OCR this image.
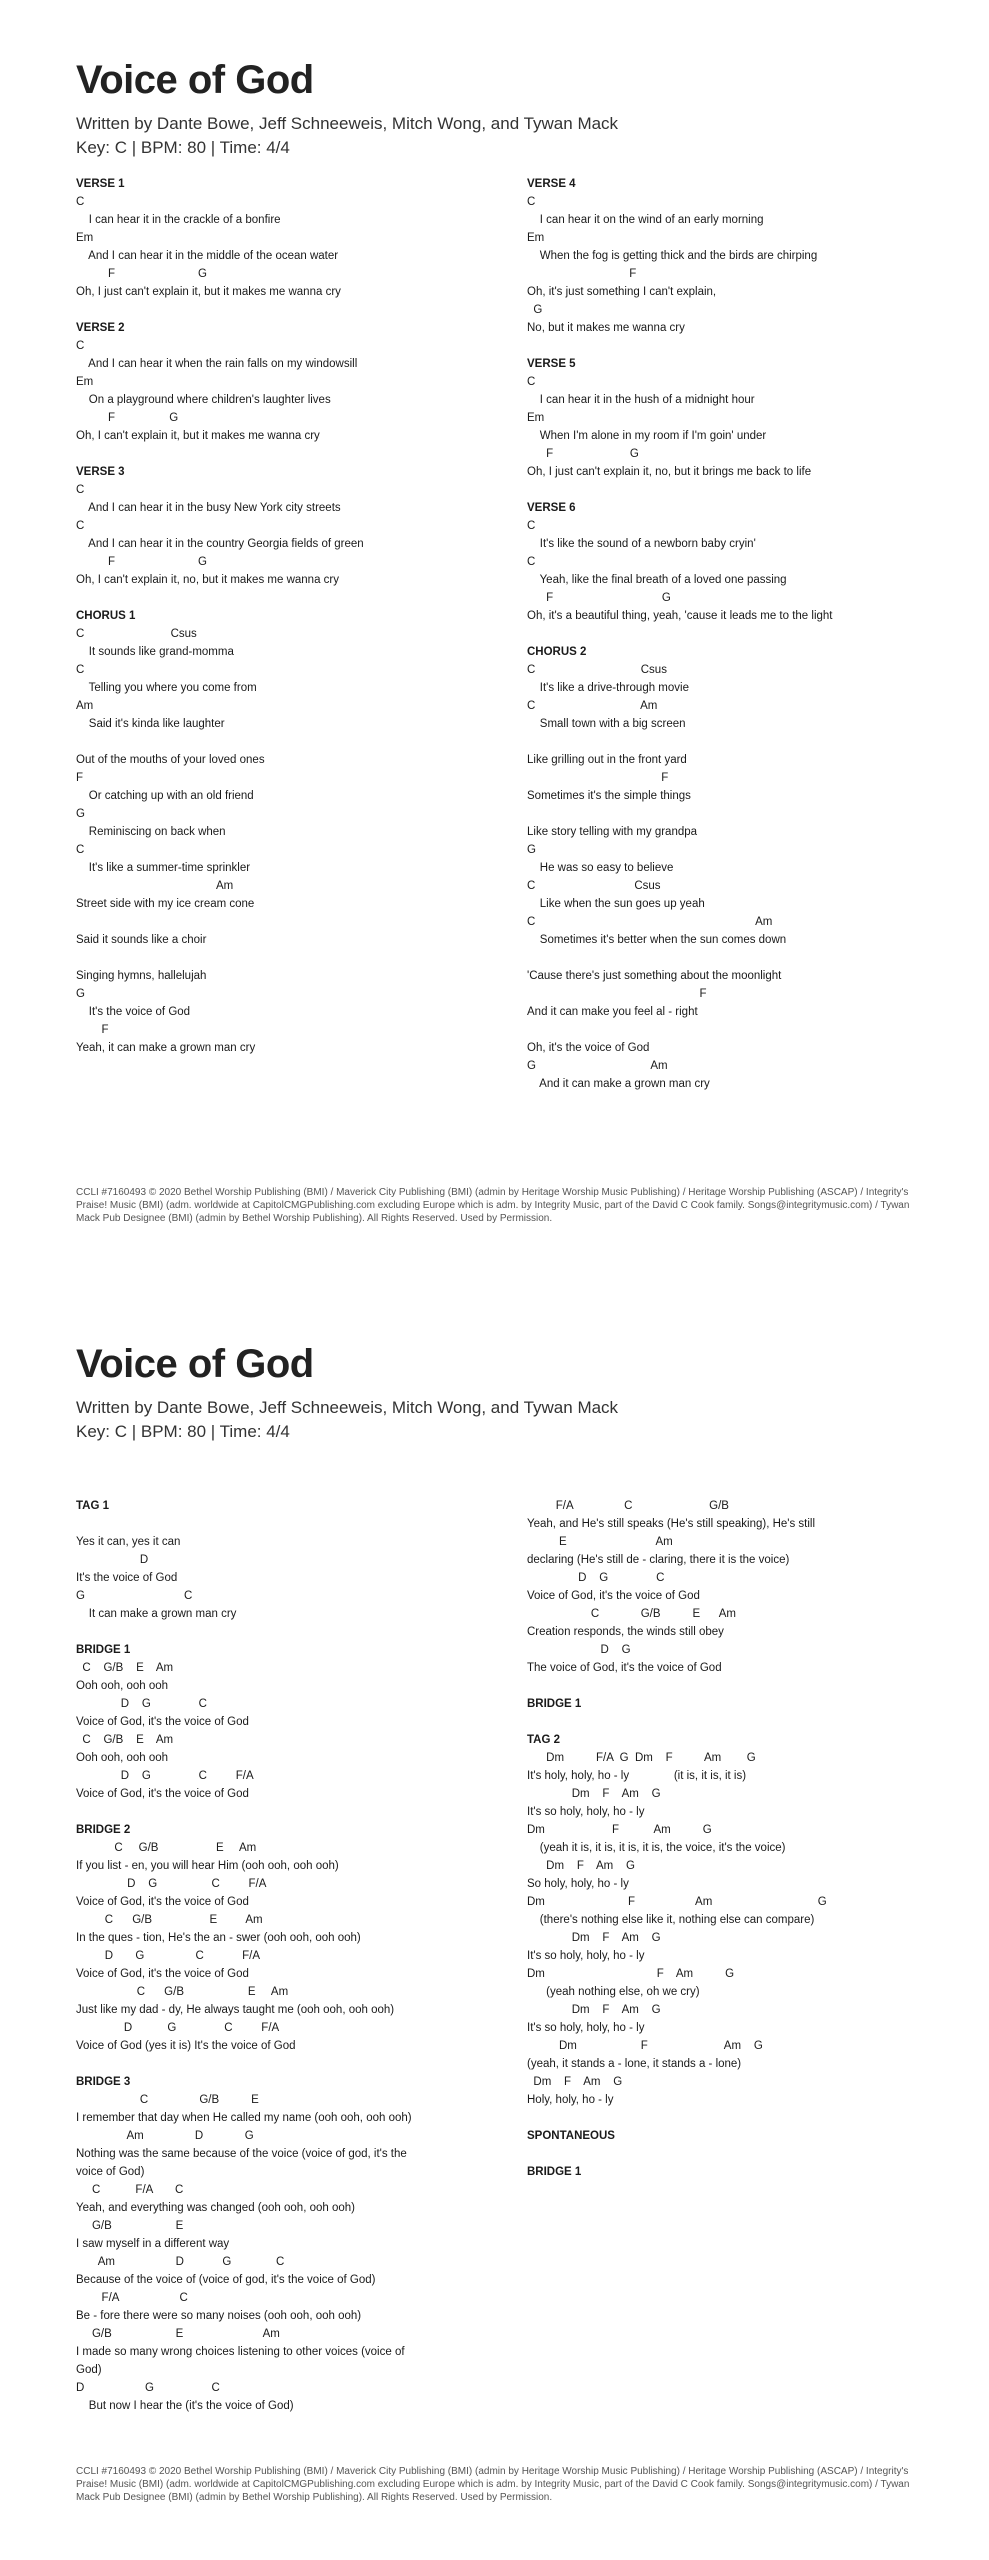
Voice of God
Written by Dante Bowe, Jeff Schneeweis, Mitch Wong, and Tywan Mack
Key: C | BPM: 80 | Time: 4/4
VERSE 1
C
I can hear it in the crackle of a bonfire
Em
And I can hear it in the middle of the ocean water
F                          G
Oh, I just can't explain it, but it makes me wanna cry
VERSE 2
C
And I can hear it when the rain falls on my windowsill
Em
On a playground where children's laughter lives
F                 G
Oh, I can't explain it, but it makes me wanna cry
VERSE 3
C
And I can hear it in the busy New York city streets
C
And I can hear it in the country Georgia fields of green
F                          G
Oh, I can't explain it, no, but it makes me wanna cry
CHORUS 1
C                           Csus
It sounds like grand-momma
C
Telling you where you come from
Am
Said it's kinda like laughter
Out of the mouths of your loved ones
F
Or catching up with an old friend
G
Reminiscing on back when
C
It's like a summer-time sprinkler
Am
Street side with my ice cream cone
Said it sounds like a choir
Singing hymns, hallelujah
G
It's the voice of God
F
Yeah, it can make a grown man cry
VERSE 4
C
I can hear it on the wind of an early morning
Em
When the fog is getting thick and the birds are chirping
F
Oh, it's just something I can't explain,
G
No, but it makes me wanna cry
VERSE 5
C
I can hear it in the hush of a midnight hour
Em
When I'm alone in my room if I'm goin' under
F                        G
Oh, I just can't explain it, no, but it brings me back to life
VERSE 6
C
It's like the sound of a newborn baby cryin'
C
Yeah, like the final breath of a loved one passing
F                                  G
Oh, it's a beautiful thing, yeah, 'cause it leads me to the light
CHORUS 2
C                                 Csus
It's like a drive-through movie
C                                 Am
Small town with a big screen
Like grilling out in the front yard
F
Sometimes it's the simple things
Like story telling with my grandpa
G
He was so easy to believe
C                               Csus
Like when the sun goes up yeah
C                                                                     Am
Sometimes it's better when the sun comes down
'Cause there's just something about the moonlight
F
And it can make you feel al - right
Oh, it's the voice of God
G                                    Am
And it can make a grown man cry
CCLI #7160493 © 2020 Bethel Worship Publishing (BMI) / Maverick City Publishing (BMI) (admin by Heritage Worship Music Publishing) / Heritage Worship Publishing (ASCAP) / Integrity's Praise! Music (BMI) (adm. worldwide at CapitolCMGPublishing.com excluding Europe which is adm. by Integrity Music, part of the David C Cook family. Songs@integritymusic.com) / Tywan Mack Pub Designee (BMI) (admin by Bethel Worship Publishing). All Rights Reserved. Used by Permission.
Voice of God
Written by Dante Bowe, Jeff Schneeweis, Mitch Wong, and Tywan Mack
Key: C | BPM: 80 | Time: 4/4
TAG 1
Yes it can, yes it can
D
It's the voice of God
G                               C
It can make a grown man cry
BRIDGE 1
C    G/B    E    Am
Ooh ooh, ooh ooh
D    G               C
Voice of God, it's the voice of God
C    G/B    E    Am
Ooh ooh, ooh ooh
D    G               C         F/A
Voice of God, it's the voice of God
BRIDGE 2
C     G/B                  E     Am
If you list - en, you will hear Him (ooh ooh, ooh ooh)
D    G                 C         F/A
Voice of God, it's the voice of God
C      G/B                  E         Am
In the ques - tion, He's the an - swer (ooh ooh, ooh ooh)
D       G                C            F/A
Voice of God, it's the voice of God
C      G/B                    E     Am
Just like my dad - dy, He always taught me (ooh ooh, ooh ooh)
D           G               C         F/A
Voice of God (yes it is) It's the voice of God
BRIDGE 3
C                G/B          E
I remember that day when He called my name (ooh ooh, ooh ooh)
Am                D             G
Nothing was the same because of the voice (voice of god, it's the
voice of God)
C           F/A       C
Yeah, and everything was changed (ooh ooh, ooh ooh)
G/B                    E
I saw myself in a different way
Am                   D            G              C
Because of the voice of (voice of god, it's the voice of God)
F/A                   C
Be - fore there were so many noises (ooh ooh, ooh ooh)
G/B                    E                         Am
I made so many wrong choices listening to other voices (voice of
God)
D                   G                  C
But now I hear the (it's the voice of God)
F/A                C                        G/B
Yeah, and He's still speaks (He's still speaking), He's still
E                            Am
declaring (He's still de - claring, there it is the voice)
D    G               C
Voice of God, it's the voice of God
C             G/B          E      Am
Creation responds, the winds still obey
D    G
The voice of God, it's the voice of God
BRIDGE 1
TAG 2
Dm          F/A  G  Dm    F          Am        G
It's holy, holy, ho - ly              (it is, it is, it is)
Dm    F    Am    G
It's so holy, holy, ho - ly
Dm                     F           Am          G
(yeah it is, it is, it is, it is, the voice, it's the voice)
Dm    F    Am    G
So holy, holy, ho - ly
Dm                          F                   Am                                 G
(there's nothing else like it, nothing else can compare)
Dm    F    Am    G
It's so holy, holy, ho - ly
Dm                                   F    Am          G
(yeah nothing else, oh we cry)
Dm    F    Am    G
It's so holy, holy, ho - ly
Dm                    F                        Am    G
(yeah, it stands a - lone, it stands a - lone)
Dm    F    Am    G
Holy, holy, ho - ly
SPONTANEOUS
BRIDGE 1
CCLI #7160493 © 2020 Bethel Worship Publishing (BMI) / Maverick City Publishing (BMI) (admin by Heritage Worship Music Publishing) / Heritage Worship Publishing (ASCAP) / Integrity's Praise! Music (BMI) (adm. worldwide at CapitolCMGPublishing.com excluding Europe which is adm. by Integrity Music, part of the David C Cook family. Songs@integritymusic.com) / Tywan Mack Pub Designee (BMI) (admin by Bethel Worship Publishing). All Rights Reserved. Used by Permission.
